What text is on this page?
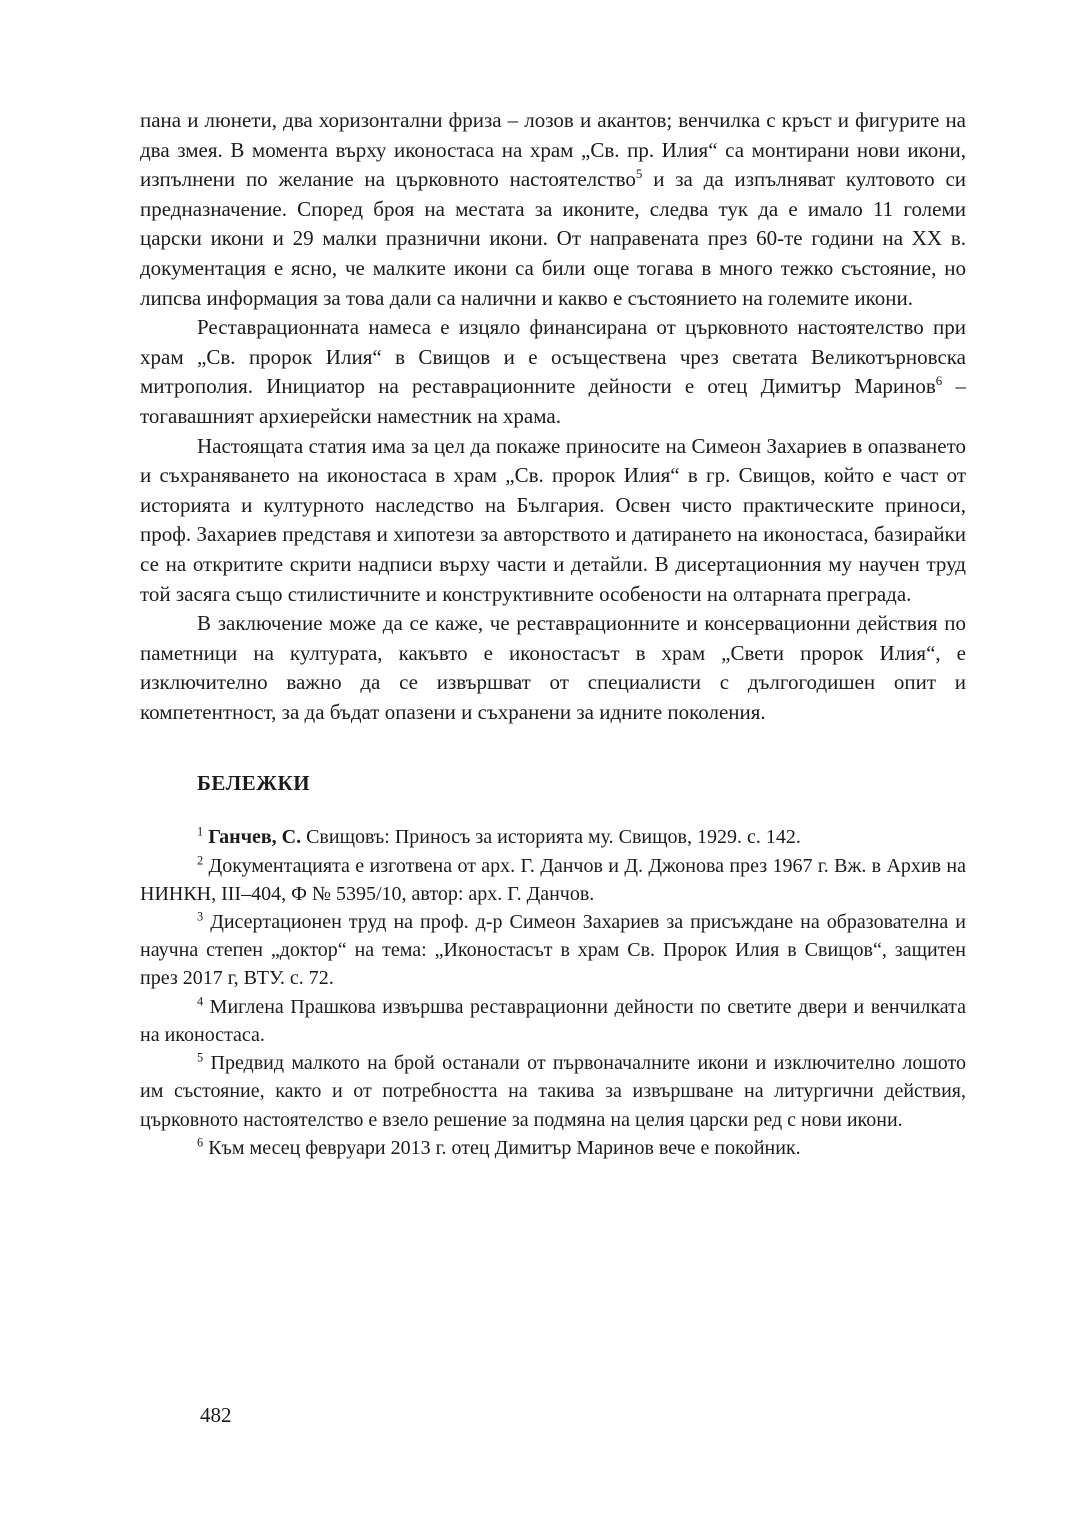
пана и люнети, два хоризонтални фриза – лозов и акантов; венчилка с кръст и фигурите на два змея. В момента върху иконостаса на храм „Св. пр. Илия“ са монтирани нови икони, изпълнени по желание на църковното настоятелство$^5$ и за да изпълняват култовото си предназначение. Според броя на местата за иконите, следва тук да е имало 11 големи царски икони и 29 малки празнични икони. От направената през 60-те години на ХХ в. документация е ясно, че малките икони са били още тогава в много тежко състояние, но липсва информация за това дали са налични и какво е състоянието на големите икони.

Реставрационната намеса е изцяло финансирана от църковното настоятелство при храм „Св. пророк Илия“ в Свищов и е осъществена чрез светата Великотърновска митрополия. Инициатор на реставрационните дейности е отец Димитър Маринов$^6$ – тогавашният архиерейски наместник на храма.

Настоящата статия има за цел да покаже приносите на Симеон Захариев в опазването и съхраняването на иконостаса в храм „Св. пророк Илия“ в гр. Свищов, който е част от историята и културното наследство на България. Освен чисто практическите приноси, проф. Захариев представя и хипотези за авторството и датирането на иконостаса, базирайки се на откритите скрити надписи върху части и детайли. В дисертационния му научен труд той засяга също стилистичните и конструктивните особености на олтарната преграда.

В заключение може да се каже, че реставрационните и консервационни действия по паметници на културата, какъвто е иконостасът в храм „Свети пророк Илия“, е изключително важно да се извършват от специалисти с дългогодишен опит и компетентност, за да бъдат опазени и съхранени за идните поколения.

БЕЛЕЖКИ

$^1$ Ганчев, С. Свищовъ: Приносъ за историята му. Свищов, 1929. с. 142.

$^2$ Документацията е изготвена от арх. Г. Данчов и Д. Джонова през 1967 г. Вж. в Архив на НИНКН, III–404, Ф № 5395/10, автор: арх. Г. Данчов.

$^3$ Дисертационен труд на проф. д-р Симеон Захариев за присъждане на образователна и научна степен „доктор“ на тема: „Иконостасът в храм Св. Пророк Илия в Свищов“, защитен през 2017 г, ВТУ. с. 72.

$^4$ Миглена Прашкова извършва реставрационни дейности по светите двери и венчилката на иконостаса.

$^5$ Предвид малкото на брой останали от първоначалните икони и изключително лошото им състояние, както и от потребността на такива за извършване на литургични действия, църковното настоятелство е взело решение за подмяна на целия царски ред с нови икони.

$^6$ Към месец февруари 2013 г. отец Димитър Маринов вече е покойник.

482
